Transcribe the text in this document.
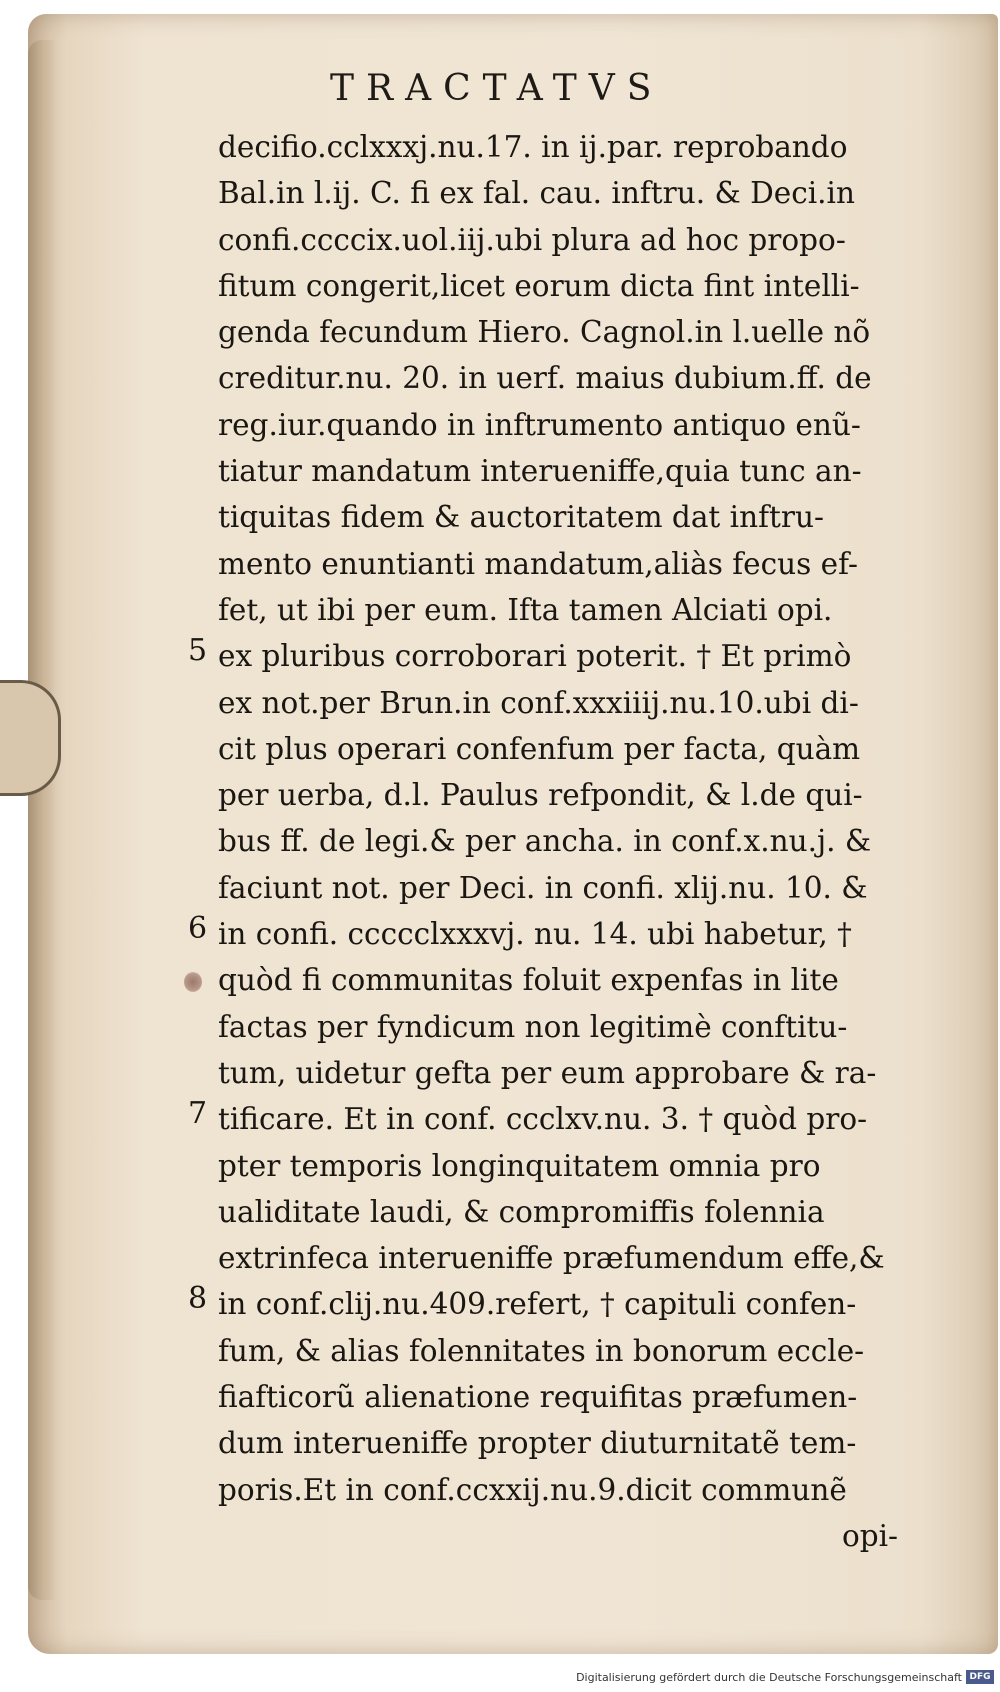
TRACTATVS
decifio.cclxxxj.nu.17. in ij.par. reprobando
Bal.in l.ij. C. fi ex fal. cau. inftru. & Deci.in
confi.ccccix.uol.iij.ubi plura ad hoc propo-
fitum congerit,licet eorum dicta fint intelli-
genda fecundum Hiero. Cagnol.in l.uelle nõ
creditur.nu. 20. in uerf. maius dubium.ff. de
reg.iur.quando in inftrumento antiquo enũ-
tiatur mandatum interueniffe,quia tunc an-
tiquitas fidem & auctoritatem dat inftru-
mento enuntianti mandatum,aliàs fecus ef-
fet, ut ibi per eum. Ifta tamen Alciati opi.
ex pluribus corroborari poterit. † Et primò
ex not.per Brun.in conf.xxxiiij.nu.10.ubi di-
cit plus operari confenfum per facta, quàm
per uerba, d.l. Paulus refpondit, & l.de qui-
bus ff. de legi.& per ancha. in conf.x.nu.j. &
faciunt not. per Deci. in confi. xlij.nu. 10. &
in confi. ccccclxxxvj. nu. 14. ubi habetur, †
quòd fi communitas foluit expenfas in lite
factas per fyndicum non legitimè conftitu-
tum, uidetur gefta per eum approbare & ra-
tificare. Et in conf. ccclxv.nu. 3. † quòd pro-
pter temporis longinquitatem omnia pro
ualiditate laudi, & compromiffis folennia
extrinfeca interueniffe præfumendum effe,&
in conf.clij.nu.409.refert, † capituli confen-
fum, & alias folennitates in bonorum eccle-
fiafticorũ alienatione requifitas præfumen-
dum interueniffe propter diuturnitatẽ tem-
poris.Et in conf.ccxxij.nu.9.dicit communẽ
opi-
5
6
7
8
Digitalisierung gefördert durch die Deutsche Forschungsgemeinschaft DFG
